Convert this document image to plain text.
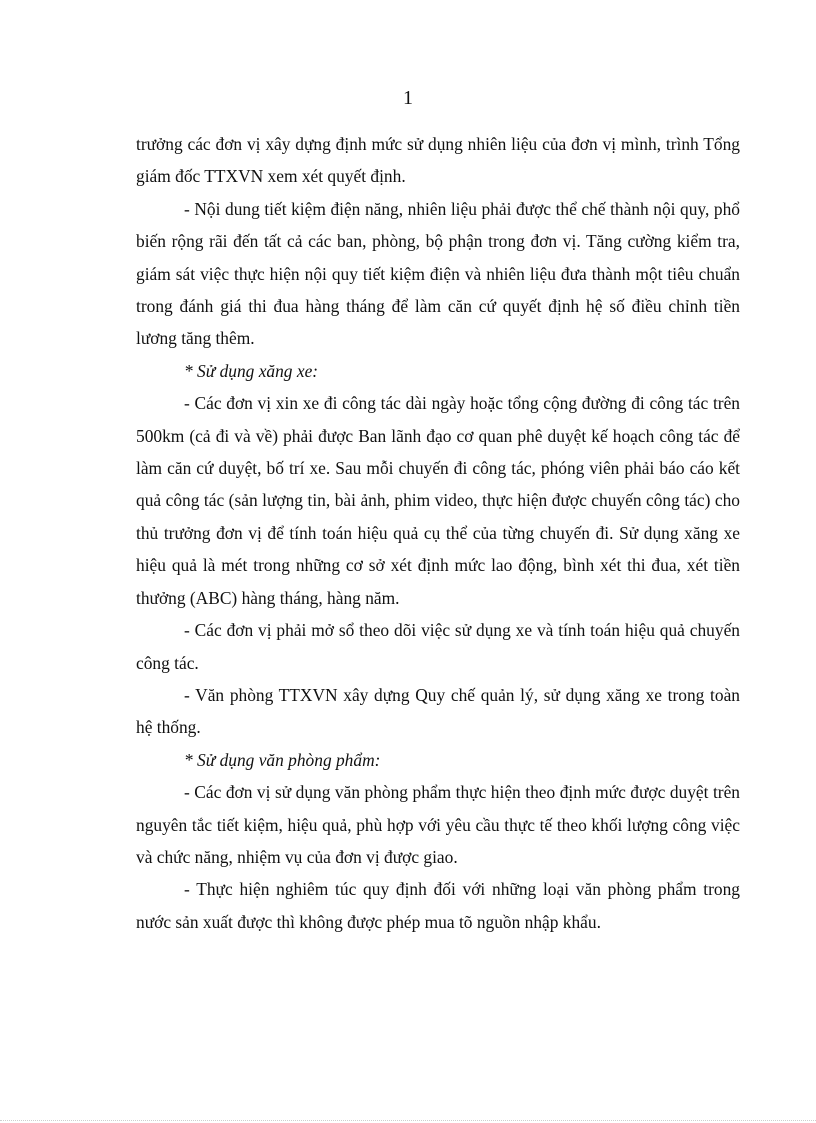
1

trưởng các đơn vị xây dựng định mức sử dụng nhiên liệu của đơn vị mình, trình Tổng giám đốc TTXVN xem xét quyết định.

- Nội dung tiết kiệm điện năng, nhiên liệu phải được thể chế thành nội quy, phổ biến rộng rãi đến tất cả các ban, phòng, bộ phận trong đơn vị. Tăng cường kiểm tra, giám sát việc thực hiện nội quy tiết kiệm điện và nhiên liệu đưa thành một tiêu chuẩn trong đánh giá thi đua hàng tháng để làm căn cứ quyết định hệ số điều chỉnh tiền lương tăng thêm.

* Sử dụng xăng xe:

- Các đơn vị xin xe đi công tác dài ngày hoặc tổng cộng đường đi công tác trên 500km (cả đi và về) phải được Ban lãnh đạo cơ quan phê duyệt kế hoạch công tác để làm căn cứ duyệt, bố trí xe. Sau mỗi chuyến đi công tác, phóng viên phải báo cáo kết quả công tác (sản lượng tin, bài ảnh, phim video, thực hiện được chuyến công tác) cho thủ trưởng đơn vị để tính toán hiệu quả cụ thể của từng chuyến đi. Sử dụng xăng xe hiệu quả là mét trong những cơ sở xét định mức lao động, bình xét thi đua, xét tiền thưởng (ABC) hàng tháng, hàng năm.

- Các đơn vị phải mở sổ theo dõi việc sử dụng xe và tính toán hiệu quả chuyến công tác.

- Văn phòng TTXVN xây dựng Quy chế quản lý, sử dụng xăng xe trong toàn hệ thống.

* Sử dụng văn phòng phẩm:

- Các đơn vị sử dụng văn phòng phẩm thực hiện theo định mức được duyệt trên nguyên tắc tiết kiệm, hiệu quả, phù hợp với yêu cầu thực tế theo khối lượng công việc và chức năng, nhiệm vụ của đơn vị được giao.

- Thực hiện nghiêm túc quy định đối với những loại văn phòng phẩm trong nước sản xuất được thì không được phép mua tõ nguồn nhập khẩu.
